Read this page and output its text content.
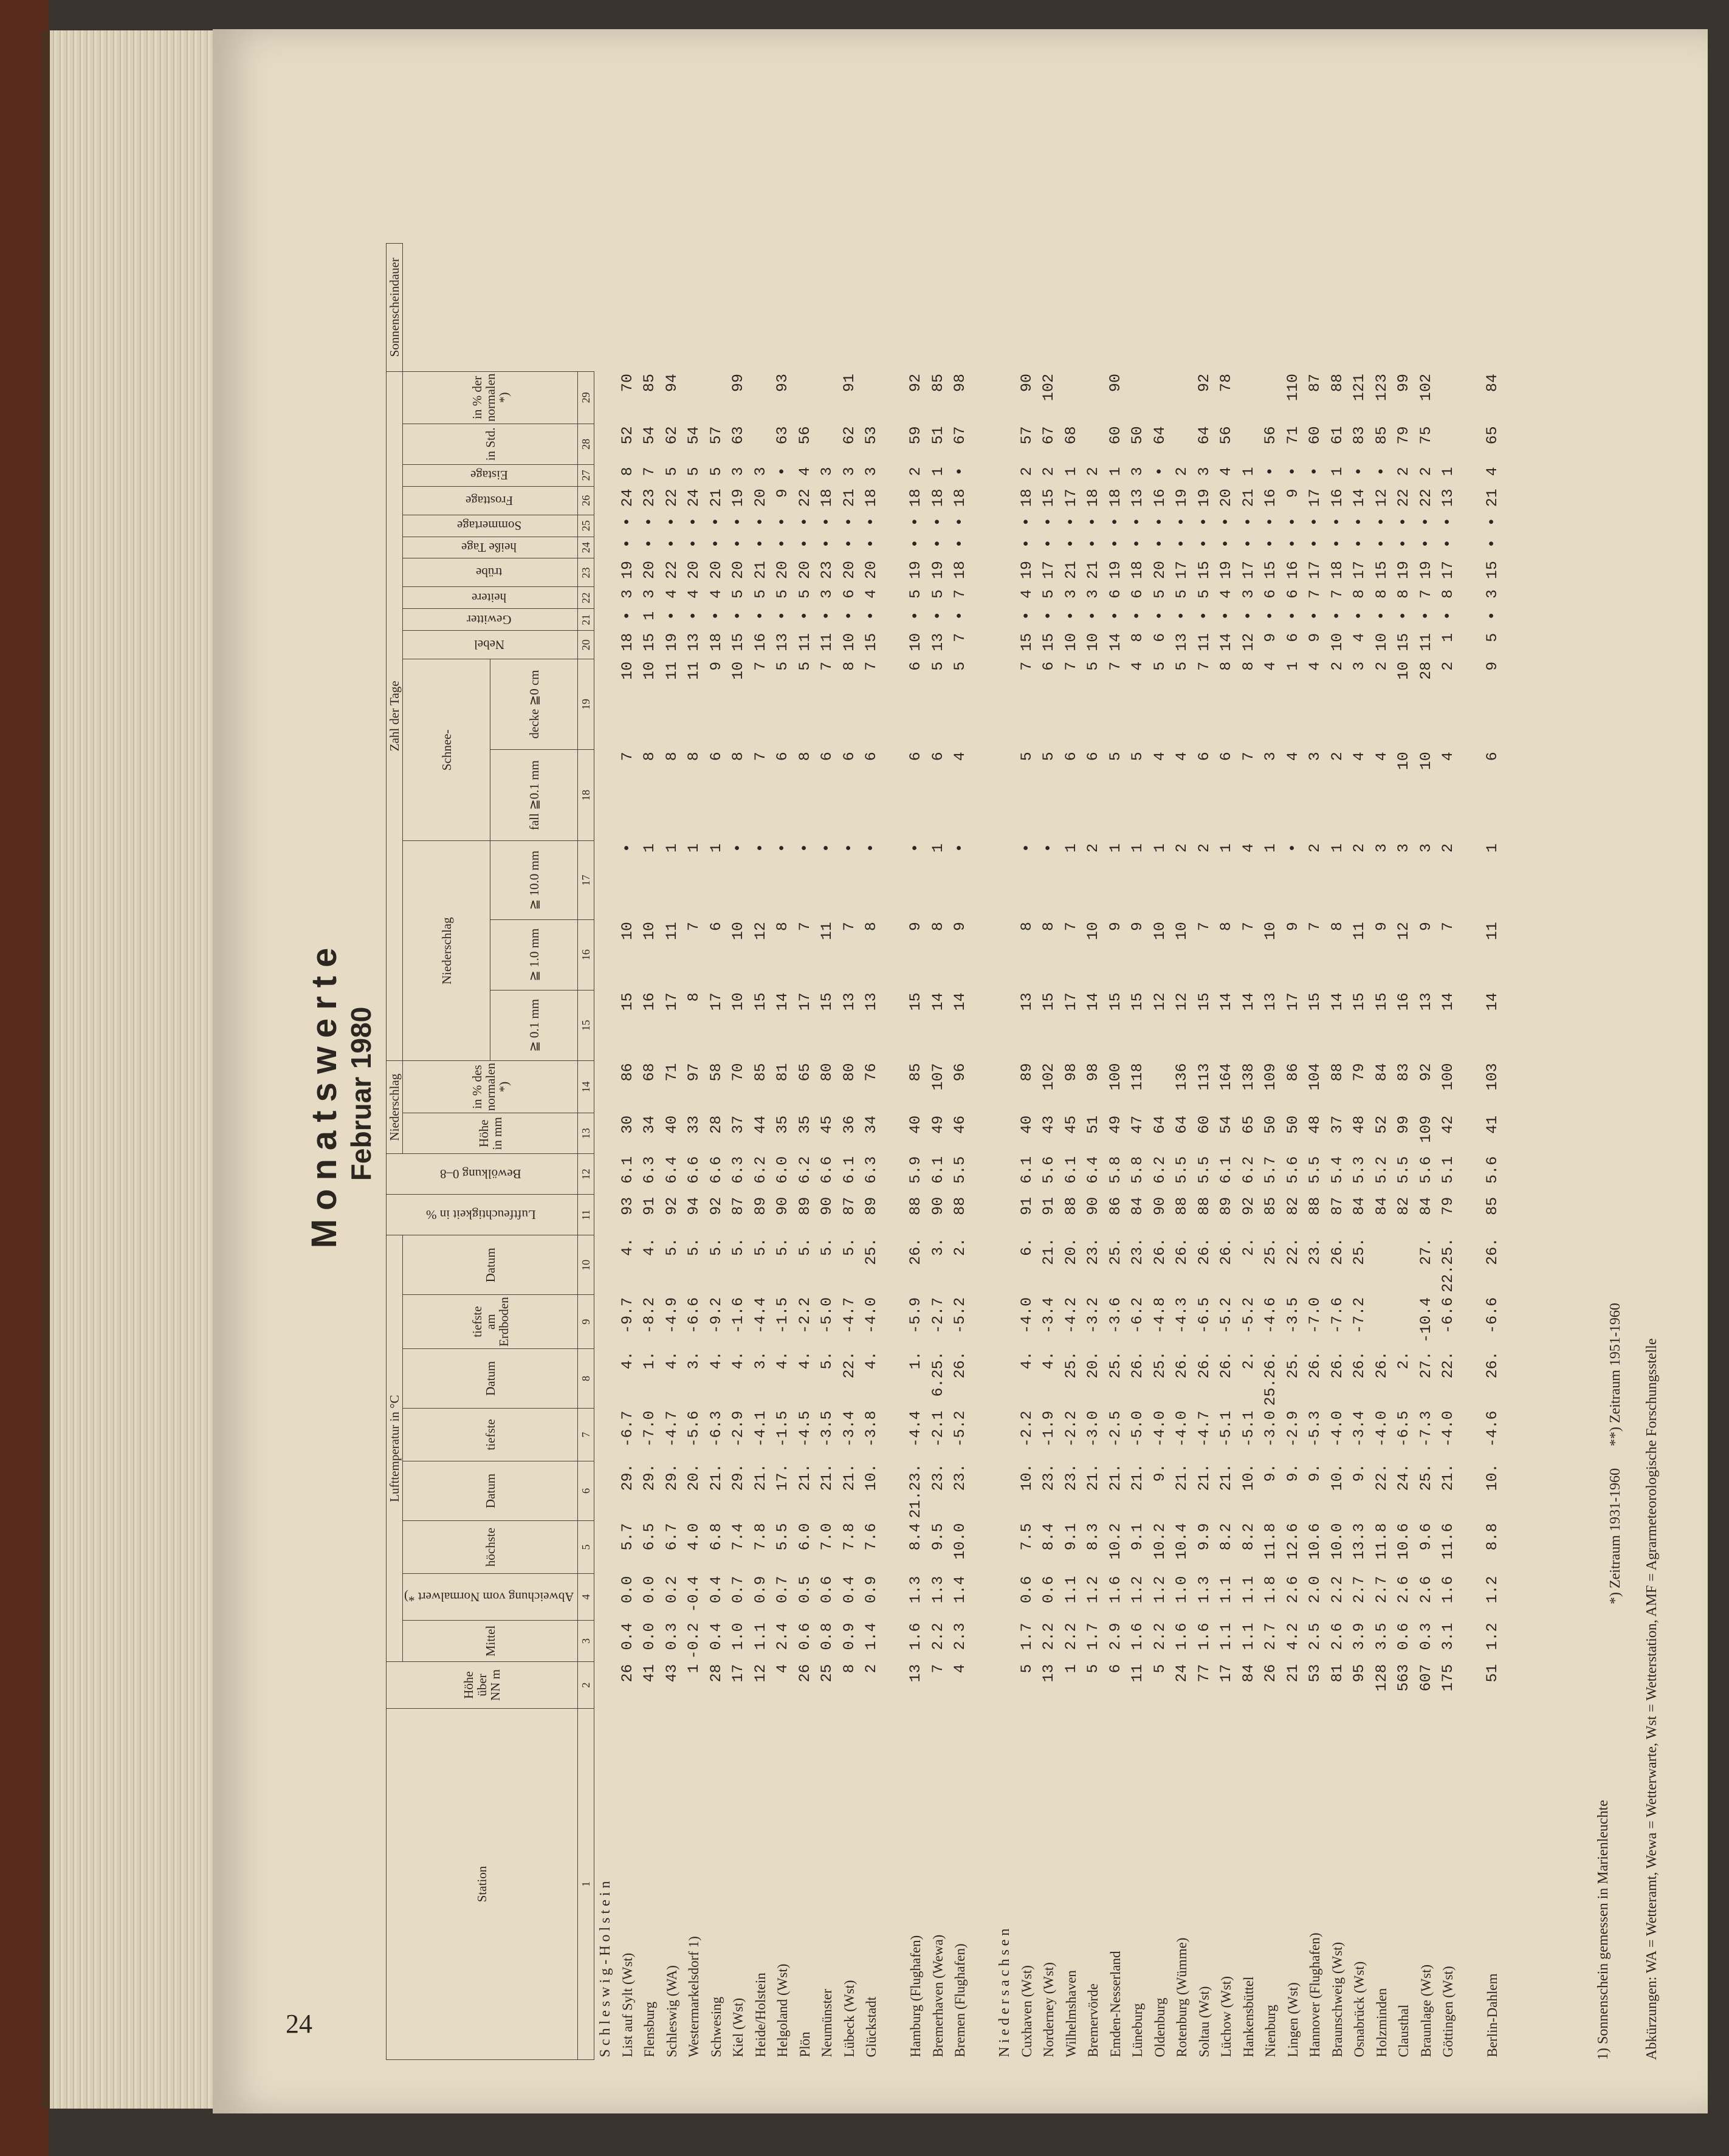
24
Monatswerte Februar 1980
Station	Höhe über NN m	Lufttemperatur in °C								Luftfeuchtigkeit in %	Bewölkung 0–8	Niederschlag		Zahl der Tage															Sonnenscheindauer
		Mittel	Abweichung vom Normalwert *)	höchste	Datum	tiefste	Datum	tiefste am Erdboden	Datum			Höhe in mm	in % des normalen *)	Niederschlag			Schnee-		Nebel	Gewitter	heitere	trübe	heiße Tage	Sommertage	Frosttage	Eistage	in Std.	in % der normalen *)	
														≧ 0.1 mm	≧ 1.0 mm	≧ 10.0 mm	fall ≧0.1 mm	decke ≧0 cm											
1	2	3	4	5	6	7	8	9	10	11	12	13	14	15	16	17	18	19	20	21	22	23	24	25	26	27	28	29	
Schleswig-Holstein																													
List auf Sylt (Wst)	26	0.4	0.0	5.7	29.	-6.7	4.	-9.7	4.	93	6.1	30	86	15	10	•	7	10	18	•	3	19	•	•	24	8	52	70	
Flensburg	41	0.0	0.0	6.5	29.	-7.0	1.	-8.2	4.	91	6.3	34	68	16	10	1	8	10	15	1	3	20	•	•	23	7	54	85	
Schleswig (WA)	43	0.3	0.2	6.7	29.	-4.7	4.	-4.9	5.	92	6.4	40	71	17	11	1	8	11	19	•	4	22	•	•	22	5	62	94	
Westermarkelsdorf 1)	1	-0.2	-0.4	4.0	20.	-5.6	3.	-6.6	5.	94	6.6	33	97	8	7	1	8	11	13	•	4	20	•	•	24	5	54		
Schwesing	28	0.4	0.4	6.8	21.	-6.3	4.	-9.2	5.	92	6.6	28	58	17	6	1	6	9	18	•	4	20	•	•	21	5	57		
Kiel (Wst)	17	1.0	0.7	7.4	29.	-2.9	4.	-1.6	5.	87	6.3	37	70	10	10	•	8	10	15	•	5	20	•	•	19	3	63	99	
Heide/Holstein	12	1.1	0.9	7.8	21.	-4.1	3.	-4.4	5.	89	6.2	44	85	15	12	•	7	7	16	•	5	21	•	•	20	3			
Helgoland (Wst)	4	2.4	0.7	5.5	17.	-1.5	4.	-1.5	5.	90	6.0	35	81	14	8	•	6	5	13	•	5	20	•	•	9	•	63	93	
Plön	26	0.6	0.5	6.0	21.	-4.5	4.	-2.2	5.	89	6.2	35	65	17	7	•	8	5	11	•	5	20	•	•	22	4	56		
Neumünster	25	0.8	0.6	7.0	21.	-3.5	5.	-5.0	5.	90	6.6	45	80	15	11	•	6	7	11	•	3	23	•	•	18	3			
Lübeck (Wst)	8	0.9	0.4	7.8	21.	-3.4	22.	-4.7	5.	87	6.1	36	80	13	7	•	6	8	10	•	6	20	•	•	21	3	62	91	
Glückstadt	2	1.4	0.9	7.6	10.	-3.8	4.	-4.0	25.	89	6.3	34	76	13	8	•	6	7	15	•	4	20	•	•	18	3	53		

Hamburg (Flughafen)	13	1.6	1.3	8.4	21.23.	-4.4	1.	-5.9	26.	88	5.9	40	85	15	9	•	6	6	10	•	5	19	•	•	18	2	59	92	
Bremerhaven (Wewa)	7	2.2	1.3	9.5	23.	-2.1	6.25.	-2.7	3.	90	6.1	49	107	14	8	1	6	5	13	•	5	19	•	•	18	1	51	85	
Bremen (Flughafen)	4	2.3	1.4	10.0	23.	-5.2	26.	-5.2	2.	88	5.5	46	96	14	9	•	4	5	7	•	7	18	•	•	18	•	67	98	

Niedersachsen																													
Cuxhaven (Wst)	5	1.7	0.6	7.5	10.	-2.2	4.	-4.0	6.	91	6.1	40	89	13	8	•	5	7	15	•	4	19	•	•	18	2	57	90	
Norderney (Wst)	13	2.2	0.6	8.4	23.	-1.9	4.	-3.4	21.	91	5.6	43	102	15	8	•	5	6	15	•	5	17	•	•	15	2	67	102	
Wilhelmshaven	1	2.2	1.1	9.1	23.	-2.2	25.	-4.2	20.	88	6.1	45	98	17	7	1	6	7	10	•	3	21	•	•	17	1	68		
Bremervörde	5	1.7	1.2	8.3	21.	-3.0	20.	-3.2	23.	90	6.4	51	98	14	10	2	6	5	10	•	3	21	•	•	18	2			
Emden-Nesserland	6	2.9	1.6	10.2	21.	-2.5	25.	-3.6	25.	86	5.8	49	100	15	9	1	5	7	14	•	6	19	•	•	18	1	60	90	
Lüneburg	11	1.6	1.2	9.1	21.	-5.0	26.	-6.2	23.	84	5.8	47	118	15	9	1	5	4	8	•	6	18	•	•	13	3	50		
Oldenburg	5	2.2	1.2	10.2	9.	-4.0	25.	-4.8	26.	90	6.2	64		12	10	1	4	5	6	•	5	20	•	•	16	•	64		
Rotenburg (Wümme)	24	1.6	1.0	10.4	21.	-4.0	26.	-4.3	26.	88	5.5	64	136	12	10	2	4	5	13	•	5	17	•	•	19	2			
Soltau (Wst)	77	1.6	1.3	9.9	21.	-4.7	26.	-6.5	26.	88	5.5	60	113	15	7	2	6	7	11	•	5	15	•	•	19	3	64	92	
Lüchow (Wst)	17	1.1	1.1	8.2	21.	-5.1	26.	-5.2	26.	89	6.1	54	164	14	8	1	6	8	14	•	4	19	•	•	20	4	56	78	
Hankensbüttel	84	1.1	1.1	8.2	10.	-5.1	2.	-5.2	2.	92	6.2	65	138	14	7	4	7	8	12	•	3	17	•	•	21	1			
Nienburg	26	2.7	1.8	11.8	9.	-3.0	25.26.	-4.6	25.	85	5.7	50	109	13	10	1	3	4	9	•	6	15	•	•	16	•	56		
Lingen (Wst)	21	4.2	2.6	12.6	9.	-2.9	25.	-3.5	22.	82	5.6	50	86	17	9	•	4	1	6	•	6	16	•	•	9	•	71	110	
Hannover (Flughafen)	53	2.5	2.0	10.6	9.	-5.3	26.	-7.0	23.	88	5.5	48	104	15	7	2	3	4	9	•	7	17	•	•	17	•	60	87	
Braunschweig (Wst)	81	2.6	2.2	10.0	10.	-4.0	26.	-7.6	26.	87	5.4	37	88	14	8	1	2	2	10	•	7	18	•	•	16	1	61	88	
Osnabrück (Wst)	95	3.9	2.7	13.3	9.	-3.4	26.	-7.2	25.	84	5.3	48	79	15	11	2	4	3	4	•	8	17	•	•	14	•	83	121	
Holzminden	128	3.5	2.7	11.8	22.	-4.0	26.			84	5.2	52	84	15	9	3	4	2	10	•	8	15	•	•	12	•	85	123	
Clausthal	563	0.6	2.6	10.6	24.	-6.5	2.			82	5.5	99	83	16	12	3	10	10	15	•	8	19	•	•	22	2	79	99	
Braunlage (Wst)	607	0.3	2.6	9.6	25.	-7.3	27.	-10.4	27.	84	5.6	109	92	13	9	3	10	28	11	•	7	19	•	•	22	2	75	102	
Göttingen (Wst)	175	3.1	1.6	11.6	21.	-4.0	22.	-6.6	22.25.	79	5.1	42	100	14	7	2	4	2	1	•	8	17	•	•	13	1			

Berlin-Dahlem	51	1.2	1.2	8.8	10.	-4.6	26.	-6.6	26.	85	5.6	41	103	14	11	1	6	9	5	•	3	15	•	•	21	4	65	84	
1) Sonnenschein gemessen in Marienleuchte
*) Zeitraum 1931-1960      **) Zeitraum 1951-1960 Abkürzungen: WA = Wetteramt, Wewa = Wetterwarte, Wst = Wetterstation, AMF = Agrarmeteorologische Forschungsstelle
